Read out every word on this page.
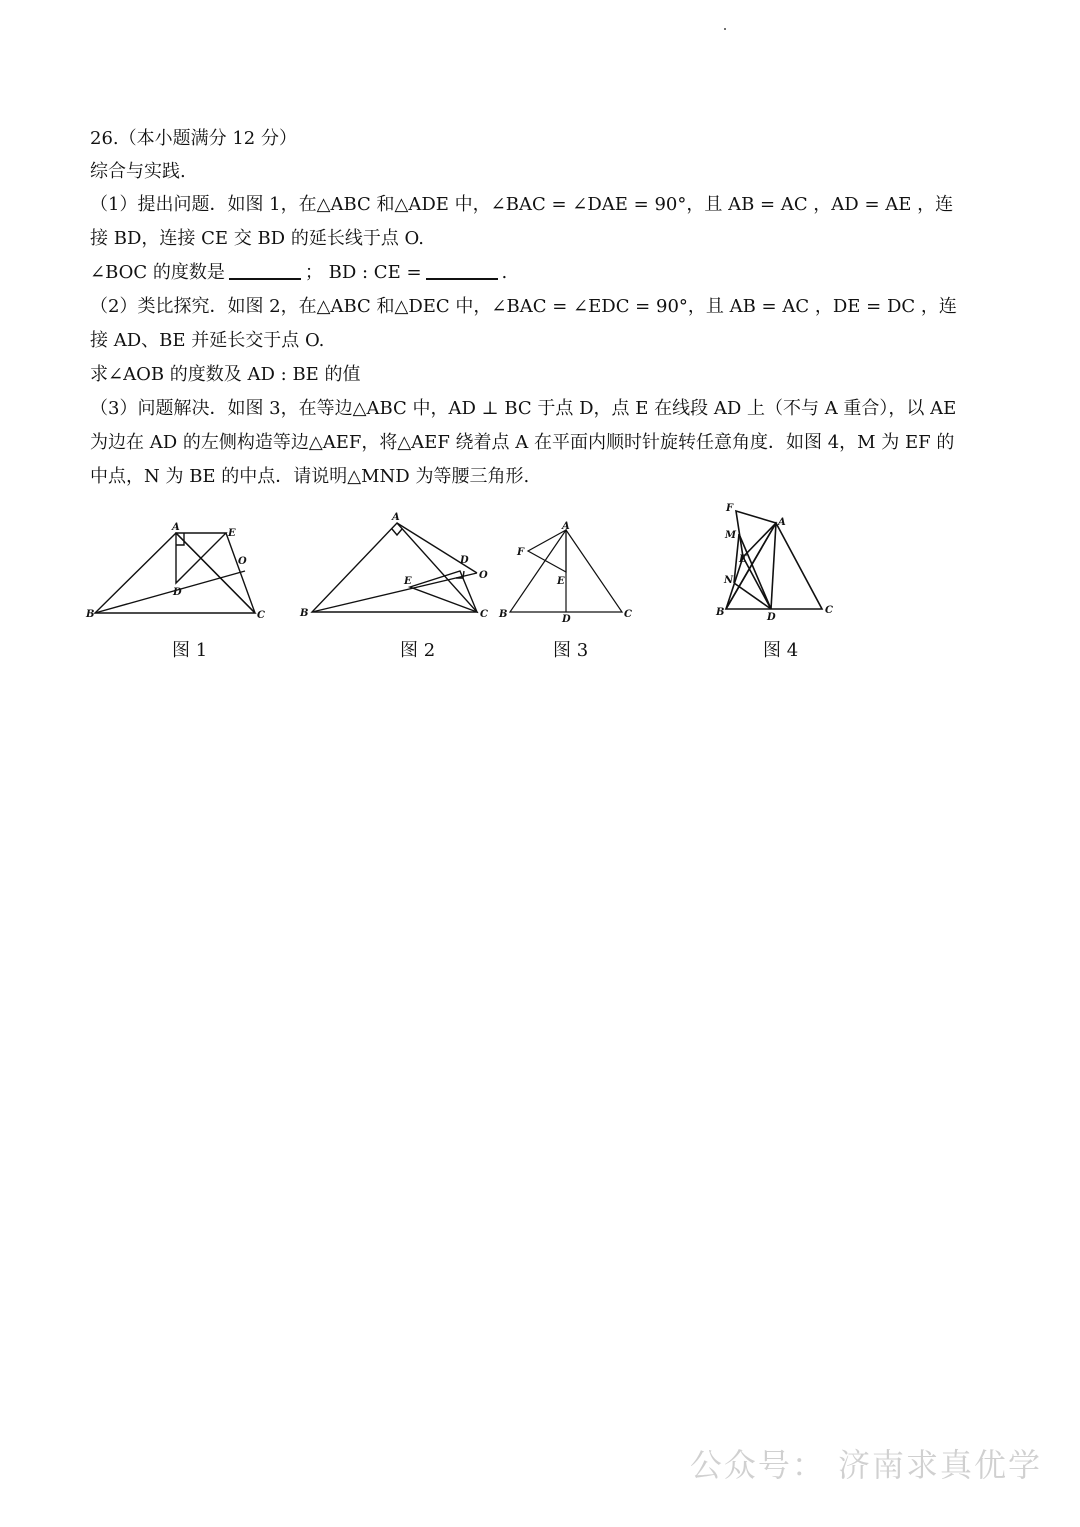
26.（本小题满分 12 分）
综合与实践.
（1）提出问题．如图 1，在△ABC 和△ADE 中，∠BAC = ∠DAE = 90°，且 AB = AC ，AD = AE ，连
接 BD，连接 CE 交 BD 的延长线于点 O.
∠BOC 的度数是	； BD : CE =	.
（2）类比探究．如图 2，在△ABC 和△DEC 中，∠BAC = ∠EDC = 90°，且 AB = AC ，DE = DC ，连
接 AD、BE 并延长交于点 O.
求∠AOB 的度数及 AD : BE 的值
（3）问题解决．如图 3，在等边△ABC 中，AD ⊥ BC 于点 D，点 E 在线段 AD 上（不与 A 重合），以 AE
为边在 AD 的左侧构造等边△AEF，将△AEF 绕着点 A 在平面内顺时针旋转任意角度．如图 4，M 为 EF 的
中点，N 为 BE 的中点．请说明△MND 为等腰三角形.
A
B	C
D
E
O
图 1
A
B	C
D
E
O
图 2
A
B	C
D
E
F
图 3
F
A
M
E
N
B	D
C
图 4
公众号： 济南求真优学
